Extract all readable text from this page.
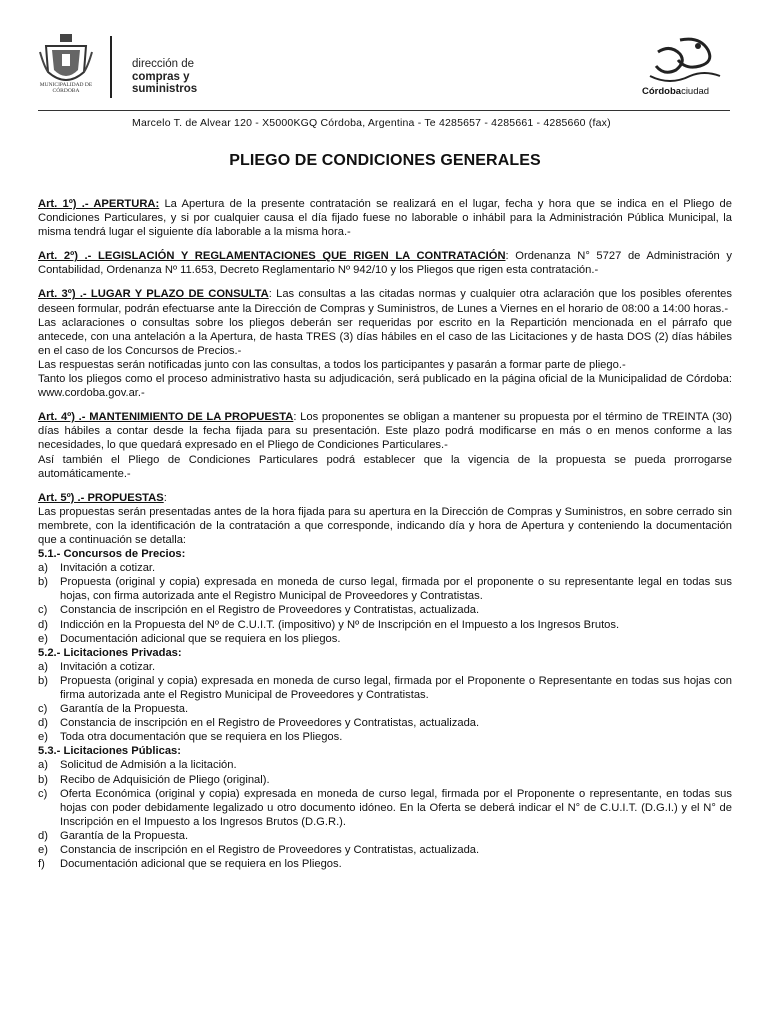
MUNICIPALIDAD DE CÓRDOBA
dirección de
compras y
suministros	Córdobaciudad
Marcelo T. de Alvear 120 - X5000KGQ Córdoba, Argentina - Te 4285657 - 4285661 - 4285660 (fax)
PLIEGO DE CONDICIONES GENERALES

Art. 1º) .- APERTURA: La Apertura de la presente contratación se realizará en el lugar, fecha y hora que se indica en el Pliego de Condiciones Particulares, y si por cualquier causa el día fijado fuese no laborable o inhábil para la Administración Pública Municipal, la misma tendrá lugar el siguiente día laborable a la misma hora.-

Art. 2º) .- LEGISLACIÓN Y REGLAMENTACIONES QUE RIGEN LA CONTRATACIÓN: Ordenanza N° 5727 de Administración y Contabilidad, Ordenanza Nº 11.653, Decreto Reglamentario Nº 942/10 y los Pliegos que rigen esta contratación.-

Art. 3º) .- LUGAR Y PLAZO DE CONSULTA: Las consultas a las citadas normas y cualquier otra aclaración que los posibles oferentes deseen formular, podrán efectuarse ante la Dirección de Compras y Suministros, de Lunes a Viernes en el horario de 08:00 a 14:00 horas.-

Las aclaraciones o consultas sobre los pliegos deberán ser requeridas por escrito en la Repartición mencionada en el párrafo que antecede, con una antelación a la Apertura, de hasta TRES (3) días hábiles en el caso de las Licitaciones y de hasta DOS (2) días hábiles en el caso de los Concursos de Precios.-

Las respuestas serán notificadas junto con las consultas, a todos los participantes y pasarán a formar parte de pliego.-

Tanto los pliegos como el proceso administrativo hasta su adjudicación, será publicado en la página oficial de la Municipalidad de Córdoba: www.cordoba.gov.ar.-

Art. 4º) .- MANTENIMIENTO DE LA PROPUESTA: Los proponentes se obligan a mantener su propuesta por el término de TREINTA (30) días hábiles a contar desde la fecha fijada para su presentación. Este plazo podrá modificarse en más o en menos conforme a las necesidades, lo que quedará expresado en el Pliego de Condiciones Particulares.-

Así también el Pliego de Condiciones Particulares podrá establecer que la vigencia de la propuesta se pueda prorrogarse automáticamente.-

Art. 5º) .- PROPUESTAS:

Las propuestas serán presentadas antes de la hora fijada para su apertura en la Dirección de Compras y Suministros, en sobre cerrado sin membrete, con la identificación de la contratación a que corresponde, indicando día y hora de Apertura y conteniendo la documentación que a continuación se detalla:

5.1.- Concursos de Precios:

a) Invitación a cotizar.

b) Propuesta (original y copia) expresada en moneda de curso legal, firmada por el proponente o su representante legal en todas sus hojas, con firma autorizada ante el Registro Municipal de Proveedores y Contratistas.

c) Constancia de inscripción en el Registro de Proveedores y Contratistas, actualizada.

d) Indicción en la Propuesta del Nº de C.U.I.T. (impositivo) y Nº de Inscripción en el Impuesto a los Ingresos Brutos.

e) Documentación adicional que se requiera en los pliegos.

5.2.- Licitaciones Privadas:

a) Invitación a cotizar.

b) Propuesta (original y copia) expresada en moneda de curso legal, firmada por el Proponente o Representante en todas sus hojas con firma autorizada ante el Registro Municipal de Proveedores y Contratistas.

c) Garantía de la Propuesta.

d) Constancia de inscripción en el Registro de Proveedores y Contratistas, actualizada.

e) Toda otra documentación que se requiera en los Pliegos.

5.3.- Licitaciones Públicas:

a) Solicitud de Admisión a la licitación.

b) Recibo de Adquisición de Pliego (original).

c) Oferta Económica (original y copia) expresada en moneda de curso legal, firmada por el Proponente o representante, en todas sus hojas con poder debidamente legalizado u otro documento idóneo. En la Oferta se deberá indicar el N° de C.U.I.T. (D.G.I.) y el N° de Inscripción en el Impuesto a los Ingresos Brutos (D.G.R.).

d) Garantía de la Propuesta.

e) Constancia de inscripción en el Registro de Proveedores y Contratistas, actualizada.

f) Documentación adicional que se requiera en los Pliegos.
